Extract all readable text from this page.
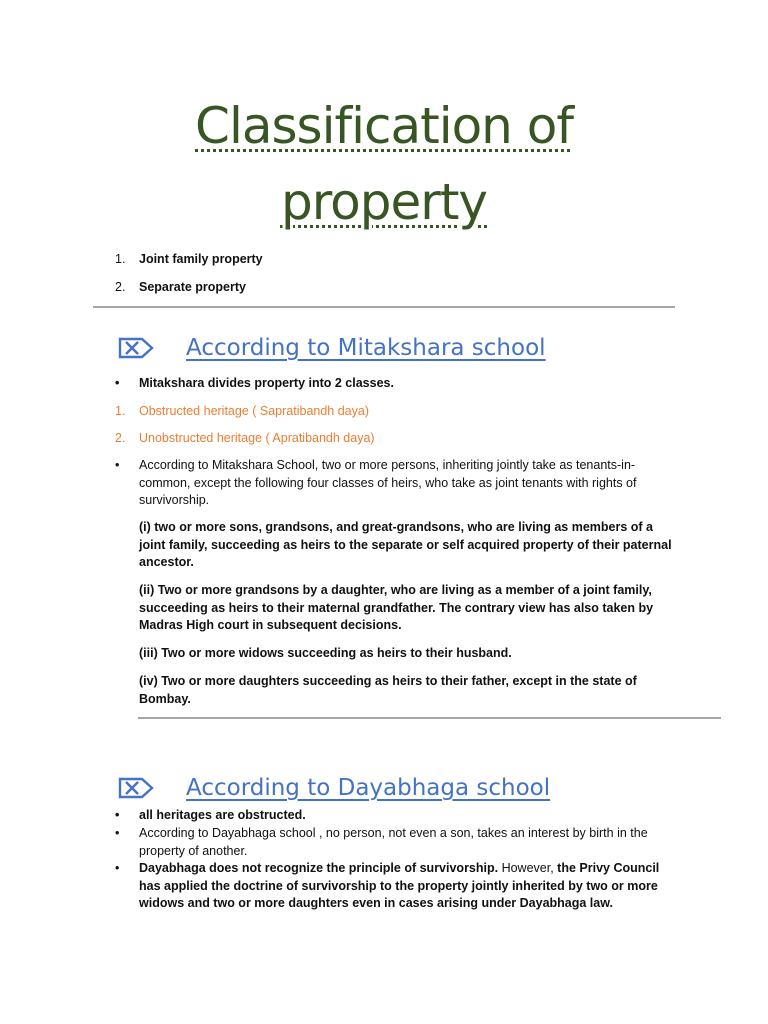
Classification of
property
1. Joint family property
2. Separate property
According to Mitakshara school
•	Mitakshara divides property into 2 classes.
1.	Obstructed heritage ( Sapratibandh daya)
2.	Unobstructed heritage ( Apratibandh daya)
•	According to Mitakshara School, two or more persons, inheriting jointly take as tenants-in-common, except the following four classes of heirs, who take as joint tenants with rights of survivorship.
(i) two or more sons, grandsons, and great-grandsons, who are living as members of a joint family, succeeding as heirs to the separate or self acquired property of their paternal ancestor.
(ii) Two or more grandsons by a daughter, who are living as a member of a joint family, succeeding as heirs to their maternal grandfather. The contrary view has also taken by Madras High court in subsequent decisions.
(iii) Two or more widows succeeding as heirs to their husband.
(iv) Two or more daughters succeeding as heirs to their father, except in the state of Bombay.
According to Dayabhaga school
•	all heritages are obstructed.
•	According to Dayabhaga school , no person, not even a son, takes an interest by birth in the property of another.
•	Dayabhaga does not recognize the principle of survivorship. However, the Privy Council has applied the doctrine of survivorship to the property jointly inherited by two or more widows and two or more daughters even in cases arising under Dayabhaga law.
